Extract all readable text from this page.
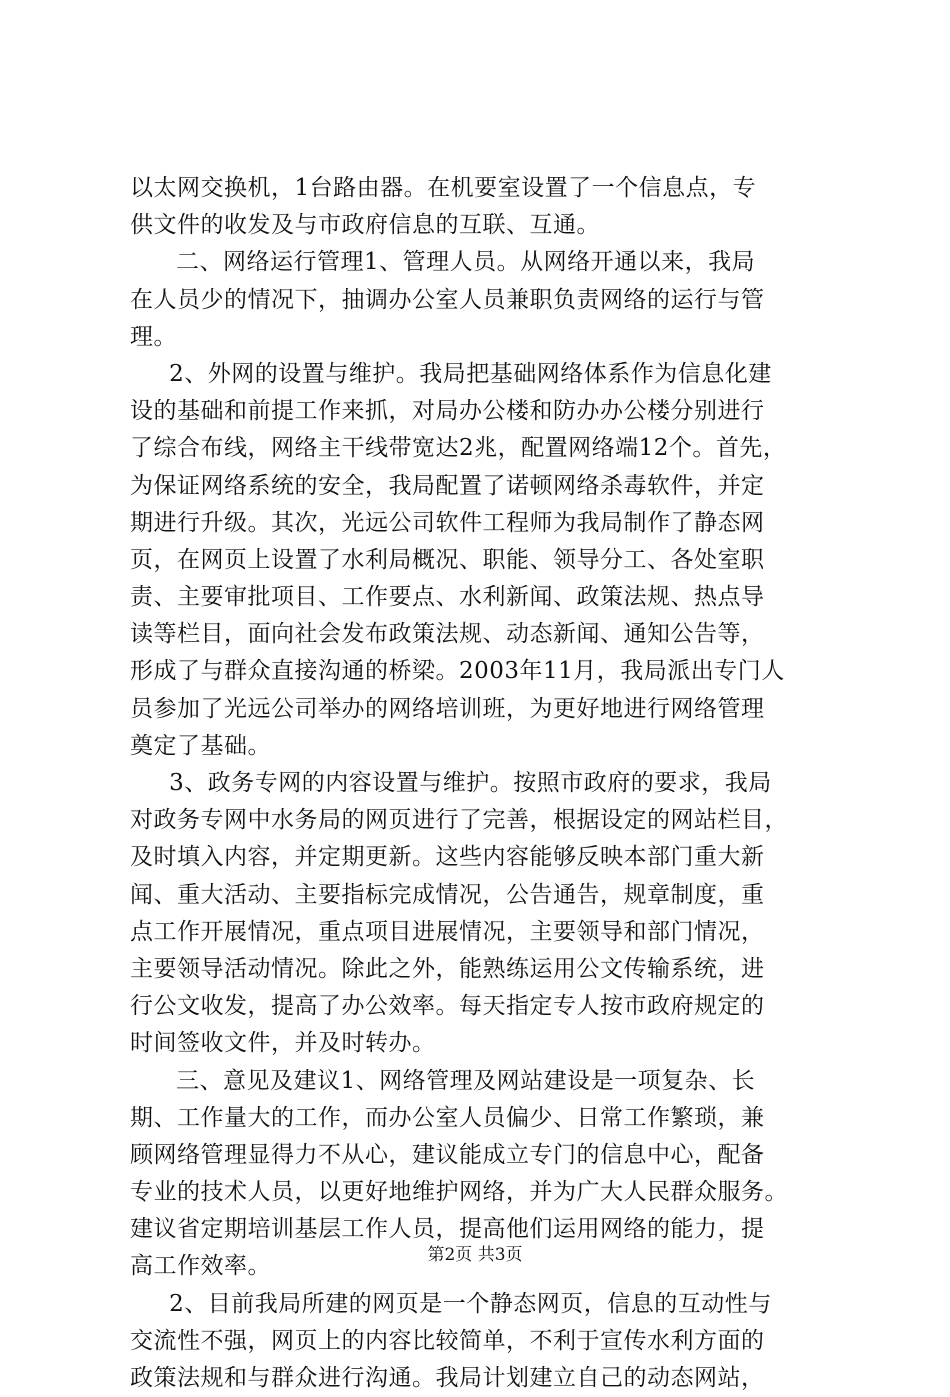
以太网交换机，1台路由器。在机要室设置了一个信息点，专
供文件的收发及与市政府信息的互联、互通。
二、网络运行管理1、管理人员。从网络开通以来，我局
在人员少的情况下，抽调办公室人员兼职负责网络的运行与管
理。
2、外网的设置与维护。我局把基础网络体系作为信息化建
设的基础和前提工作来抓，对局办公楼和防办办公楼分别进行
了综合布线，网络主干线带宽达2兆，配置网络端12个。首先，
为保证网络系统的安全，我局配置了诺顿网络杀毒软件，并定
期进行升级。其次，光远公司软件工程师为我局制作了静态网
页，在网页上设置了水利局概况、职能、领导分工、各处室职
责、主要审批项目、工作要点、水利新闻、政策法规、热点导
读等栏目，面向社会发布政策法规、动态新闻、通知公告等，
形成了与群众直接沟通的桥梁。2003年11月，我局派出专门人
员参加了光远公司举办的网络培训班，为更好地进行网络管理
奠定了基础。
3、政务专网的内容设置与维护。按照市政府的要求，我局
对政务专网中水务局的网页进行了完善，根据设定的网站栏目，
及时填入内容，并定期更新。这些内容能够反映本部门重大新
闻、重大活动、主要指标完成情况，公告通告，规章制度，重
点工作开展情况，重点项目进展情况，主要领导和部门情况，
主要领导活动情况。除此之外，能熟练运用公文传输系统，进
行公文收发，提高了办公效率。每天指定专人按市政府规定的
时间签收文件，并及时转办。
三、意见及建议1、网络管理及网站建设是一项复杂、长
期、工作量大的工作，而办公室人员偏少、日常工作繁琐，兼
顾网络管理显得力不从心，建议能成立专门的信息中心，配备
专业的技术人员，以更好地维护网络，并为广大人民群众服务。
建议省定期培训基层工作人员，提高他们运用网络的能力，提
高工作效率。
2、目前我局所建的网页是一个静态网页，信息的互动性与
交流性不强，网页上的内容比较简单，不利于宣传水利方面的
政策法规和与群众进行沟通。我局计划建立自己的动态网站，
第2页 共3页
